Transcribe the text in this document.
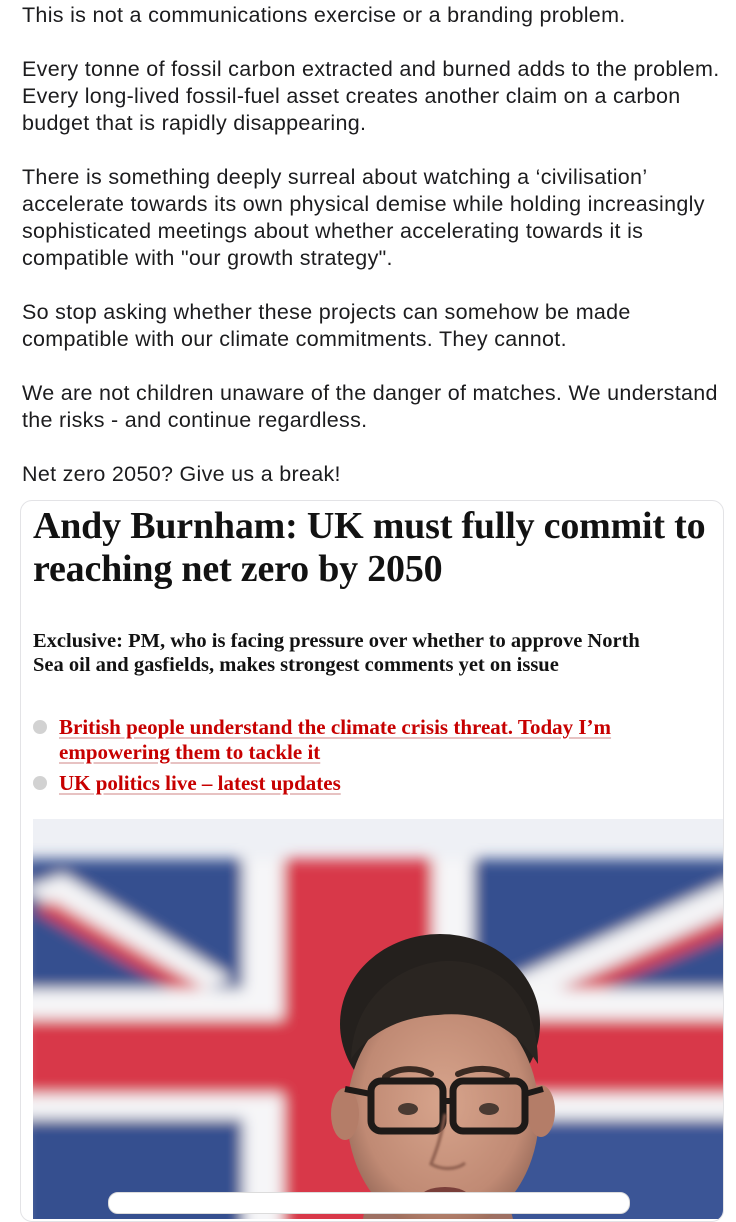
This is not a communications exercise or a branding problem.

Every tonne of fossil carbon extracted and burned adds to the problem. Every long-lived fossil-fuel asset creates another claim on a carbon budget that is rapidly disappearing.

There is something deeply surreal about watching a ‘civilisation’ accelerate towards its own physical demise while holding increasingly sophisticated meetings about whether accelerating towards it is compatible with "our growth strategy".

So stop asking whether these projects can somehow be made compatible with our climate commitments. They cannot.

We are not children unaware of the danger of matches. We understand the risks - and continue regardless.

Net zero 2050? Give us a break!

Andy Burnham: UK must fully commit to reaching net zero by 2050
Exclusive: PM, who is facing pressure over whether to approve North Sea oil and gasfields, makes strongest comments yet on issue
British people understand the climate crisis threat. Today I’m empowering them to tackle it
UK politics live – latest updates
